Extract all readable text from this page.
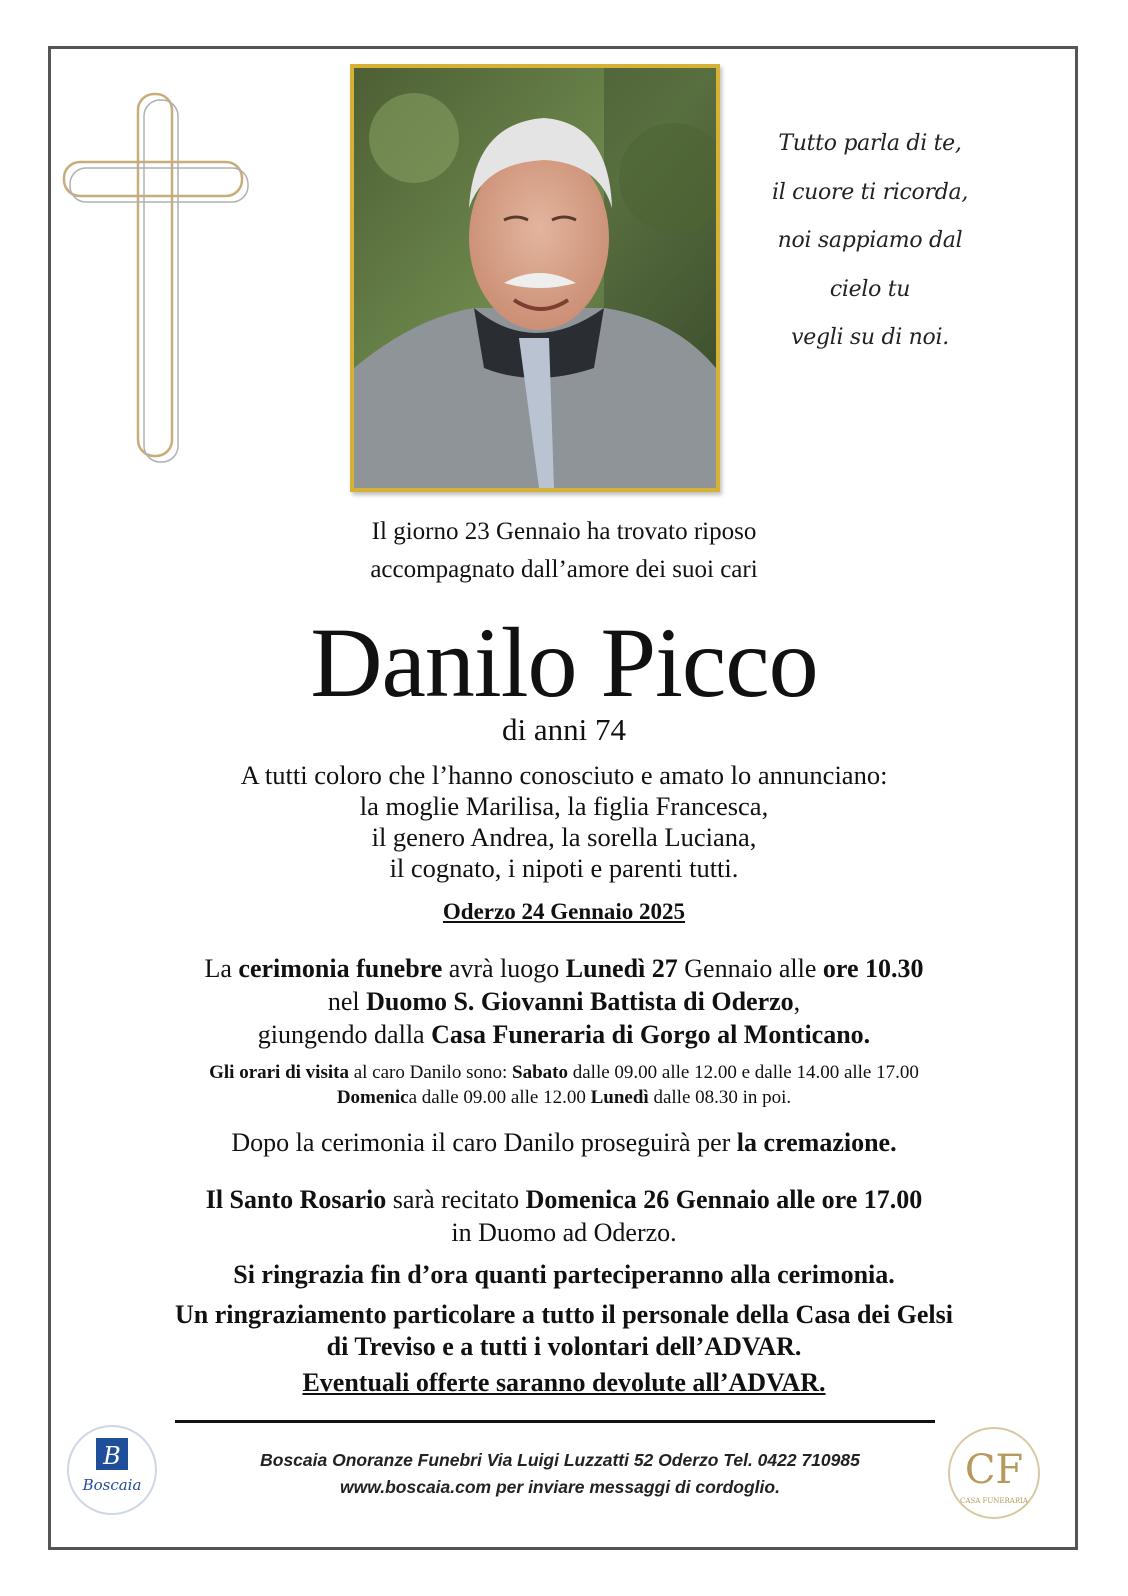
Tutto parla di te,
il cuore ti ricorda,
noi sappiamo dal
cielo tu
vegli su di noi.
Il giorno 23 Gennaio ha trovato riposo
accompagnato dall’amore dei suoi cari
Danilo Picco
di anni 74
A tutti coloro che l’hanno conosciuto e amato lo annunciano:
la moglie Marilisa, la figlia Francesca,
il genero Andrea, la sorella Luciana,
il cognato, i nipoti e parenti tutti.
Oderzo 24 Gennaio 2025
La cerimonia funebre avrà luogo Lunedì 27 Gennaio alle ore 10.30
nel Duomo S. Giovanni Battista di Oderzo,
giungendo dalla Casa Funeraria di Gorgo al Monticano.
Gli orari di visita al caro Danilo sono: Sabato dalle 09.00 alle 12.00 e dalle 14.00 alle 17.00
Domenica dalle 09.00 alle 12.00 Lunedì dalle 08.30 in poi.
Dopo la cerimonia il caro Danilo proseguirà per la cremazione.
Il Santo Rosario sarà recitato Domenica 26 Gennaio alle ore 17.00
in Duomo ad Oderzo.
Si ringrazia fin d’ora quanti parteciperanno alla cerimonia.
Un ringraziamento particolare a tutto il personale della Casa dei Gelsi
di Treviso e a tutti i volontari dell’ADVAR.
Eventuali offerte saranno devolute all’ADVAR.
B
Boscaia
Boscaia Onoranze Funebri Via Luigi Luzzatti 52 Oderzo Tel. 0422 710985
www.boscaia.com per inviare messaggi di cordoglio.	CF
CASA FUNERARIA
